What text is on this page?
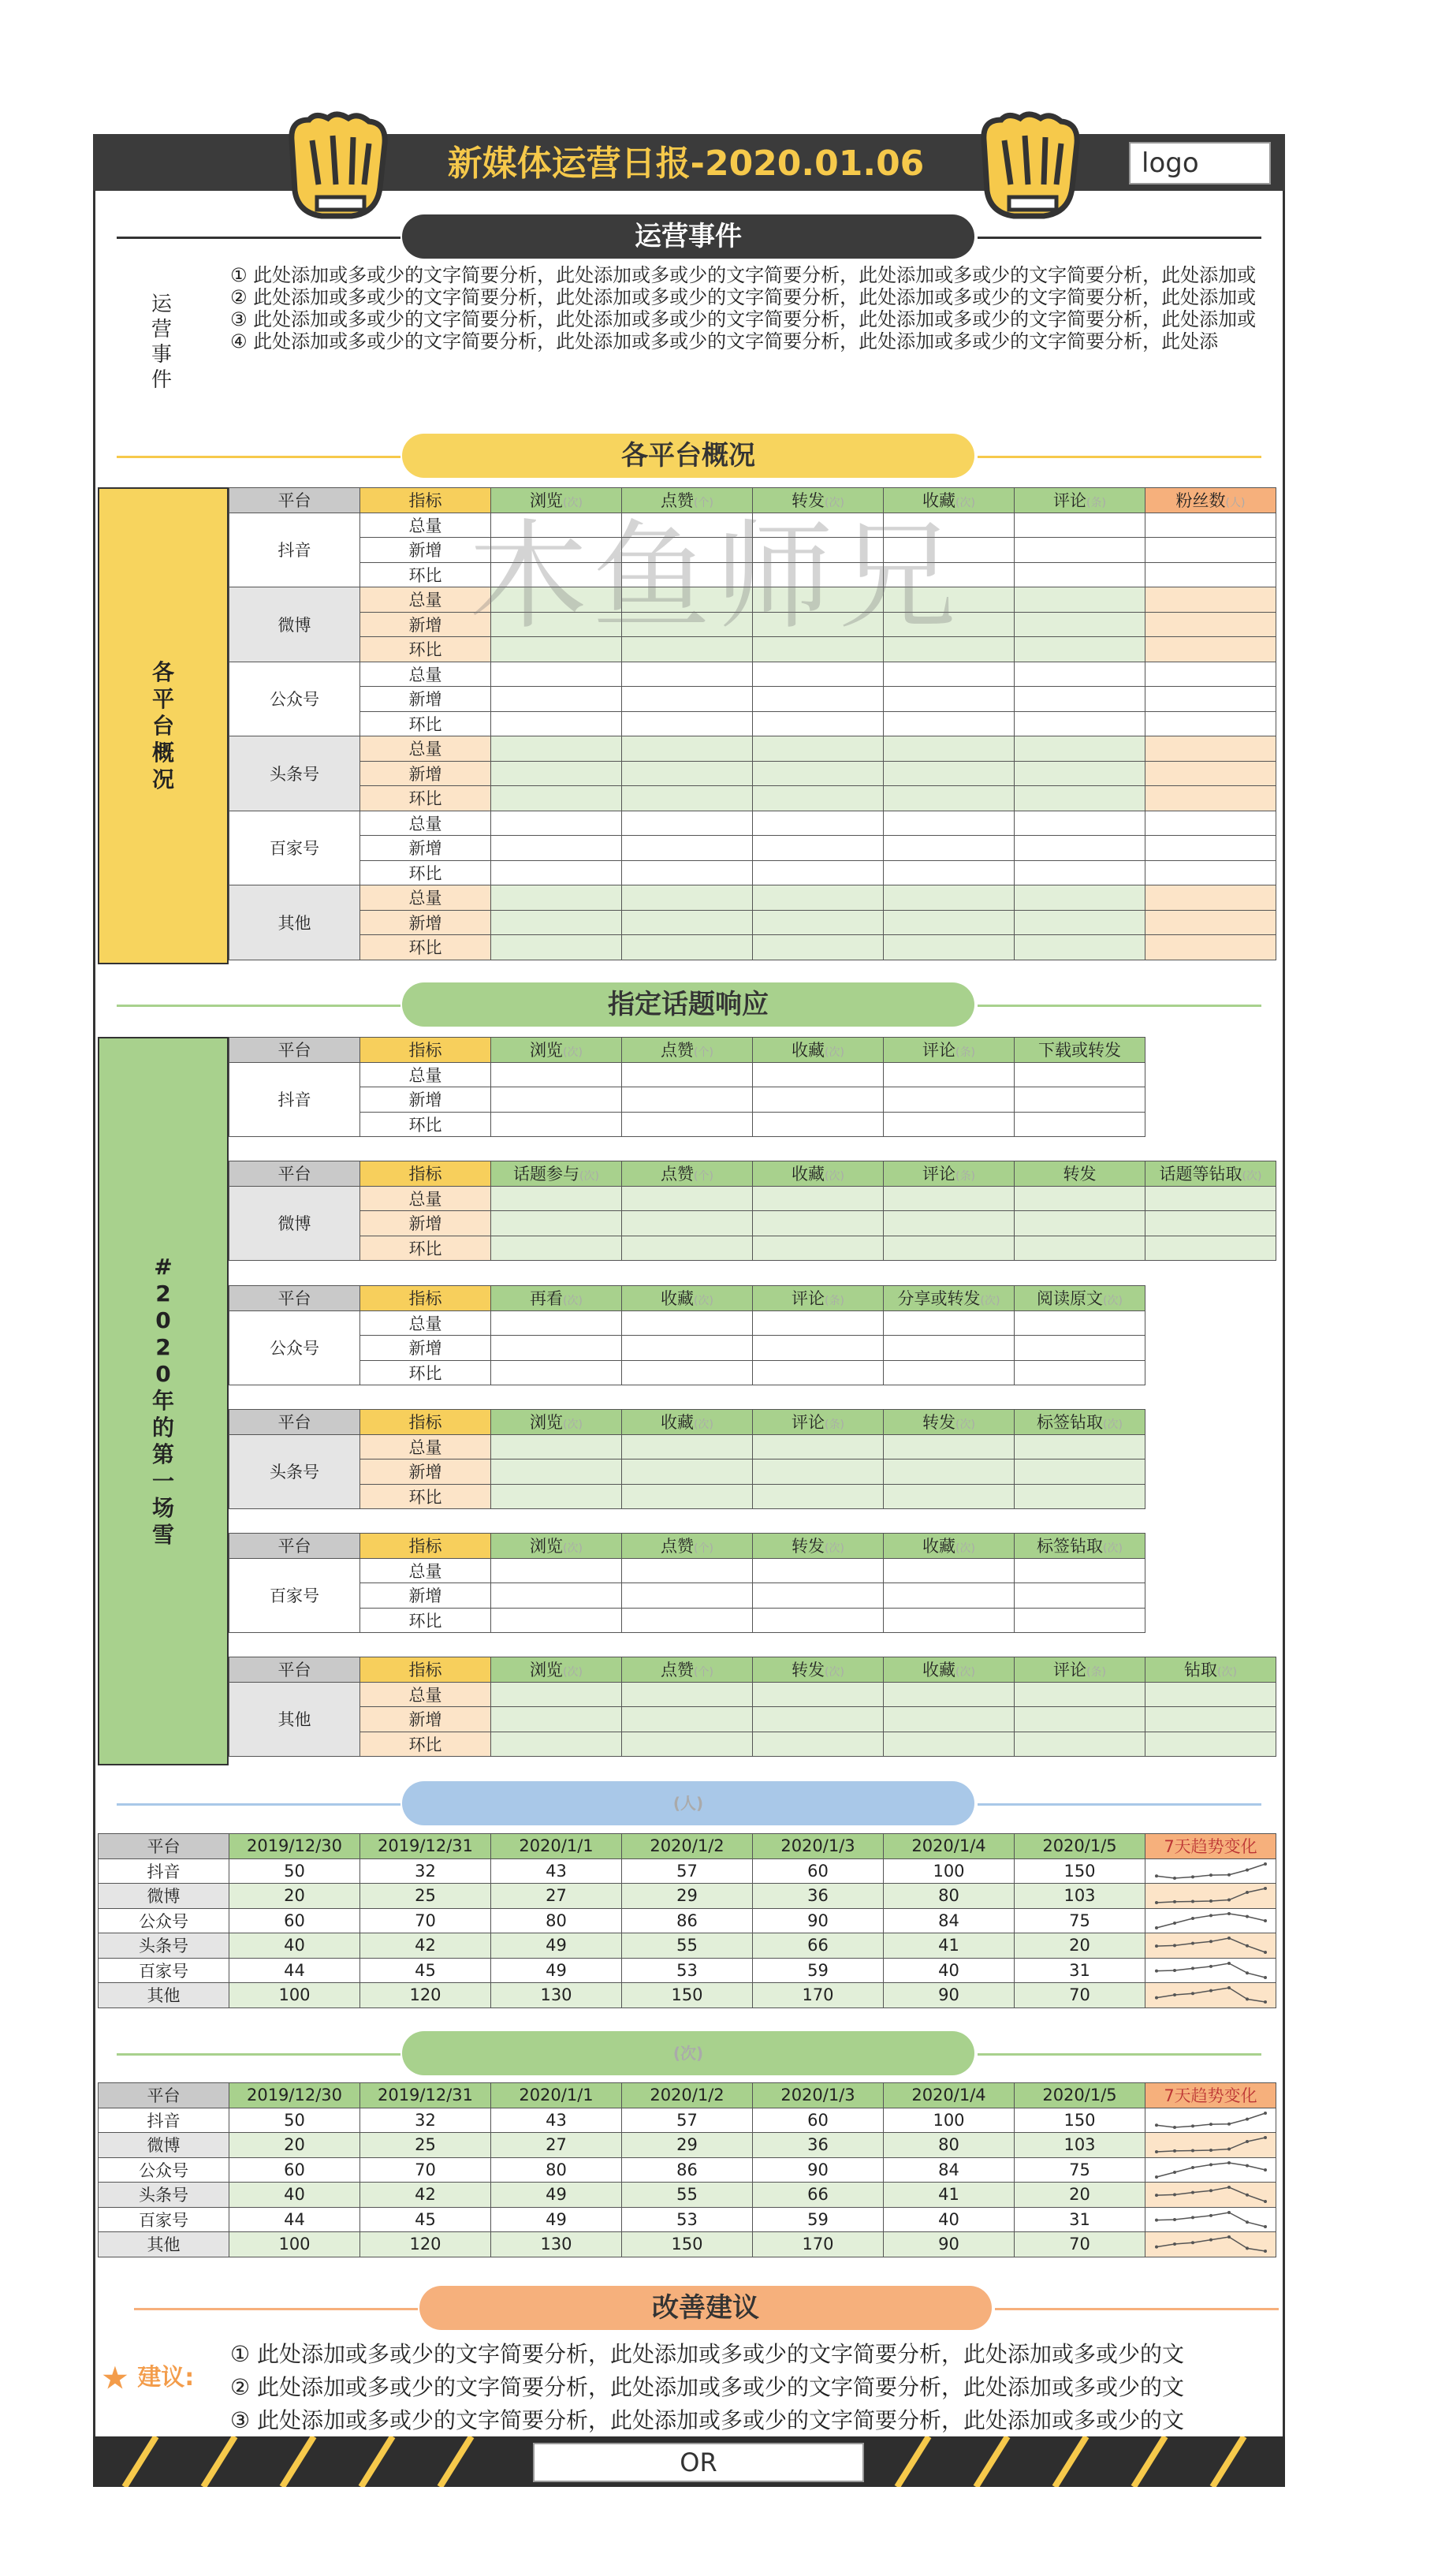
新媒体运营日报-2020.01.06	logo
运营事件
运营事件

① 此处添加或多或少的文字简要分析，此处添加或多或少的文字简要分析，此处添加或多或少的文字简要分析，此处添加或

② 此处添加或多或少的文字简要分析，此处添加或多或少的文字简要分析，此处添加或多或少的文字简要分析，此处添加或

③ 此处添加或多或少的文字简要分析，此处添加或多或少的文字简要分析，此处添加或多或少的文字简要分析，此处添加或

④ 此处添加或多或少的文字简要分析，此处添加或多或少的文字简要分析，此处添加或多或少的文字简要分析，此处添

各平台概况
各平台概况
平台	指标	浏览(次)	点赞(个)	转发(次)	收藏(次)	评论(条)	粉丝数(人)
抖音	总量						
	新增						
	环比						
微博	总量						
	新增						
	环比						
公众号	总量						
	新增						
	环比						
头条号	总量						
	新增						
	环比						
百家号	总量						
	新增						
	环比						
其他	总量						
	新增						
	环比						
木鱼师兄
指定话题响应
#2020年的第一场雪
平台	指标	浏览(次)	点赞(个)	收藏(次)	评论(条)	下载或转发
抖音	总量					
	新增					
	环比					
平台	指标	话题参与(次)	点赞(个)	收藏(次)	评论(条)	转发	话题等钻取(次)
微博	总量						
	新增						
	环比						
平台	指标	再看(次)	收藏(次)	评论(条)	分享或转发(次)	阅读原文(次)
公众号	总量					
	新增					
	环比					
平台	指标	浏览(次)	收藏(次)	评论(条)	转发(次)	标签钻取(次)
头条号	总量					
	新增					
	环比					
平台	指标	浏览(次)	点赞(个)	转发(次)	收藏(次)	标签钻取(次)
百家号	总量					
	新增					
	环比					
平台	指标	浏览(次)	点赞(个)	转发(次)	收藏(次)	评论(条)	钻取(次)
其他	总量						
	新增						
	环比						
(人)
平台	2019/12/30	2019/12/31	2020/1/1	2020/1/2	2020/1/3	2020/1/4	2020/1/5	7天趋势变化
抖音	50	32	43	57	60	100	150	

微博	20	25	27	29	36	80	103	

公众号	60	70	80	86	90	84	75	

头条号	40	42	49	55	66	41	20	

百家号	44	45	49	53	59	40	31	

其他	100	120	130	150	170	90	70	
(次)
平台	2019/12/30	2019/12/31	2020/1/1	2020/1/2	2020/1/3	2020/1/4	2020/1/5	7天趋势变化
抖音	50	32	43	57	60	100	150	

微博	20	25	27	29	36	80	103	

公众号	60	70	80	86	90	84	75	

头条号	40	42	49	55	66	41	20	

百家号	44	45	49	53	59	40	31	

其他	100	120	130	150	170	90	70	
改善建议
★ 建议:
① 此处添加或多或少的文字简要分析，此处添加或多或少的文字简要分析，此处添加或多或少的文
② 此处添加或多或少的文字简要分析，此处添加或多或少的文字简要分析，此处添加或多或少的文
③ 此处添加或多或少的文字简要分析，此处添加或多或少的文字简要分析，此处添加或多或少的文
OR
